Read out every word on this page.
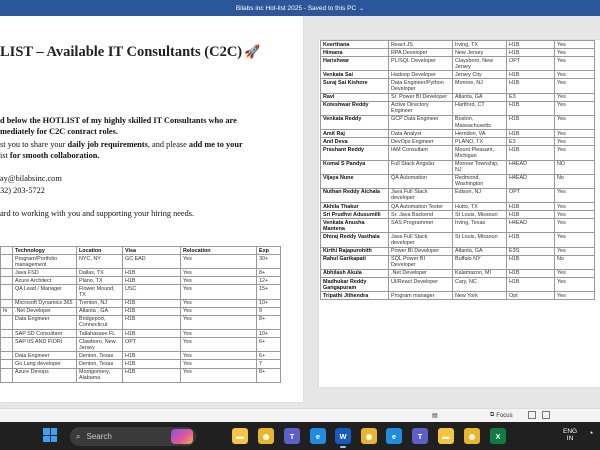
Bilabs inc Hot-list 2025 - Saved to this PC ⌄
LIST – Available IT Consultants (C2C) 🚀
d below the HOTLIST of my highly skilled IT Consultants who are
mediately for C2C contract roles.
st you to share your daily job requirements, and please add me to your
ist for smooth collaboration.
ay@bilabsinc.com
32) 203-5722
ard to working with you and supporting your hiring needs.
	Technology	Location	Visa	Relocation	Exp
	Program/Portfolio management	NYC, NY	GC EAD	Yes	30+
	Java FSD	Dallas, TX	H1B	Yes	8+
	Azure Architect	Plano, TX	H1B	Yes	12+
	QA Lead / Manager	Flower Mound, TX	USC	Yes	15+
	Microsoft Dynamics 365	Trenton, NJ	H1B	Yes	10+
hi	.Net Developer	Atlanta , GA	H1B	Yes	9
	Data Engineer	Bridgeport, Connecticut	H1B	Yes	8+
	SAP SD Consultant	Tallahassee FL	H1B	Yes	10+
	SAP IIS AND FIORI	Clawboro, New Jersey	OPT	Yes	6+
	Data Engineer	Denton, Texas	H1B	Yes	6+
	Go Lang developer	Denton, Texas	H1B	Yes	7
	Azure Devops	Montgomery, Alabama	H1B	Yes	8+
Keerthana	React JS	Irving, TX	H1B	Yes
Himana	RPA Developer	New Jersey	H1B	Yes
Harishwar	PL/SQL Developer	Claysboro, New Jersey	OPT	Yes
Venkata Sai	Hadoop Developer	Jersey City	H1B	Yes
Suraj Sai Kishore	Data Engineer/Python Developer	Monroe, NJ	H1B	Yes
Ravi	Sr. Power BI Developer	Atlanta, GA	E3	Yes
Koteshwar Reddy	Active Directory Engineer	Hartford, CT	H1B	Yes
Venkata Reddy	GCP Data Engineer	Boston, Massachusetts	H1B	Yes
Amit Raj	Data Analyst	Herndon, VA	H1B	Yes
Anil Deva	DevOps Engineer	PLANO, TX	E3	Yes
Prashant Reddy	IAM Consultant	Mount Pleasant, Michigan	H1B	Yes
Komal S Pandya	Full Stack Angular	Monroe Township, NJ	H4EAD	NO
Vijaya Nune	QA Automation	Redmond, Washington	H4EAD	No
Nuthan Reddy Aichala	Java Full Stack developer	Edison, NJ	OPT	Yes
Akhila Thakur	QA Automation Tester	Hutto, TX	H1B	Yes
Sri Prudhvi Adusumilli	Sr. Java Backend	St Louis, Missouri	H1B	Yes
Venkata Anusha Mantena	SAS Programmer	Irving, Texas	H4EAD	Yes
Dhiraj Reddy Vasthala	Java Full Stack developer	St Louis, Missouri	H1B	Yes
Kirthi Rajapurohith	Power BI Developer	Atlanta, GA	E3S	Yes
Rahul Garikapati	SQL Power BI Developer	Buffalo NY	H1B	No
Abhilash Akula	.Net Developer	Kalamazoo, MI	H1B	Yes
Madhukar Reddy Gangapuram	UI/React Developer	Cary, NC	H1B	Yes
Tripathi Jithendra	Program manager	New York	Opt	Yes
▤	⧉ Focus
⌕ Search	▬	◉	T	e	W	◉	e	T	▬	◉	X	ENG
IN
◔
